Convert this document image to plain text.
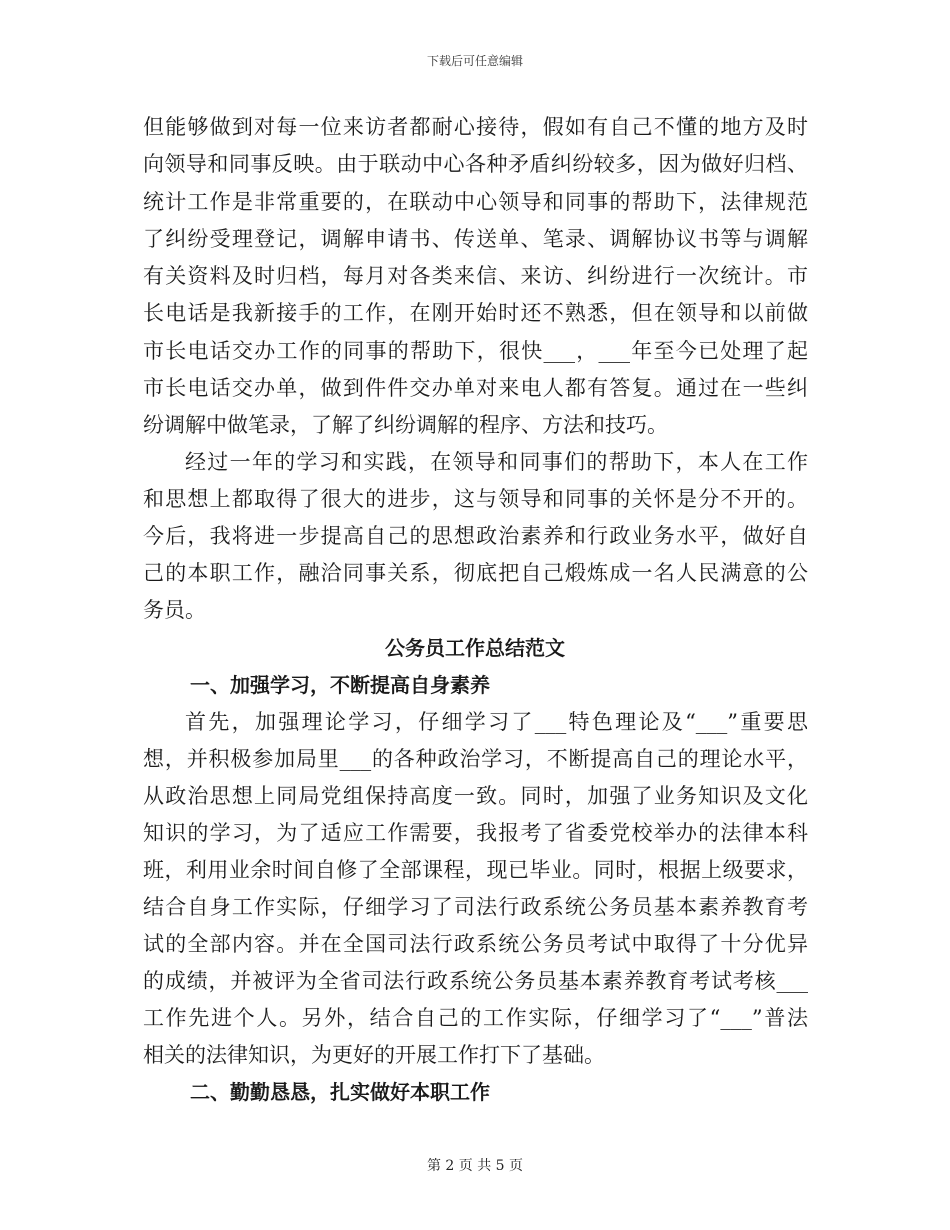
下载后可任意编辑
但能够做到对每一位来访者都耐心接待，假如有自己不懂的地方及时
向领导和同事反映。由于联动中心各种矛盾纠纷较多，因为做好归档、
统计工作是非常重要的，在联动中心领导和同事的帮助下，法律规范
了纠纷受理登记，调解申请书、传送单、笔录、调解协议书等与调解
有关资料及时归档，每月对各类来信、来访、纠纷进行一次统计。市
长电话是我新接手的工作，在刚开始时还不熟悉，但在领导和以前做
市长电话交办工作的同事的帮助下，很快___，___年至今已处理了起
市长电话交办单，做到件件交办单对来电人都有答复。通过在一些纠
纷调解中做笔录，了解了纠纷调解的程序、方法和技巧。
经过一年的学习和实践，在领导和同事们的帮助下，本人在工作
和思想上都取得了很大的进步，这与领导和同事的关怀是分不开的。
今后，我将进一步提高自己的思想政治素养和行政业务水平，做好自
己的本职工作，融洽同事关系，彻底把自己煅炼成一名人民满意的公
务员。
公务员工作总结范文
一、加强学习，不断提高自身素养
首先，加强理论学习，仔细学习了___特色理论及“___”重要思
想，并积极参加局里___的各种政治学习，不断提高自己的理论水平，
从政治思想上同局党组保持高度一致。同时，加强了业务知识及文化
知识的学习，为了适应工作需要，我报考了省委党校举办的法律本科
班，利用业余时间自修了全部课程，现已毕业。同时，根据上级要求，
结合自身工作实际，仔细学习了司法行政系统公务员基本素养教育考
试的全部内容。并在全国司法行政系统公务员考试中取得了十分优异
的成绩，并被评为全省司法行政系统公务员基本素养教育考试考核___
工作先进个人。另外，结合自己的工作实际，仔细学习了“___”普法
相关的法律知识，为更好的开展工作打下了基础。
二、勤勤恳恳，扎实做好本职工作
第 2 页 共 5 页
